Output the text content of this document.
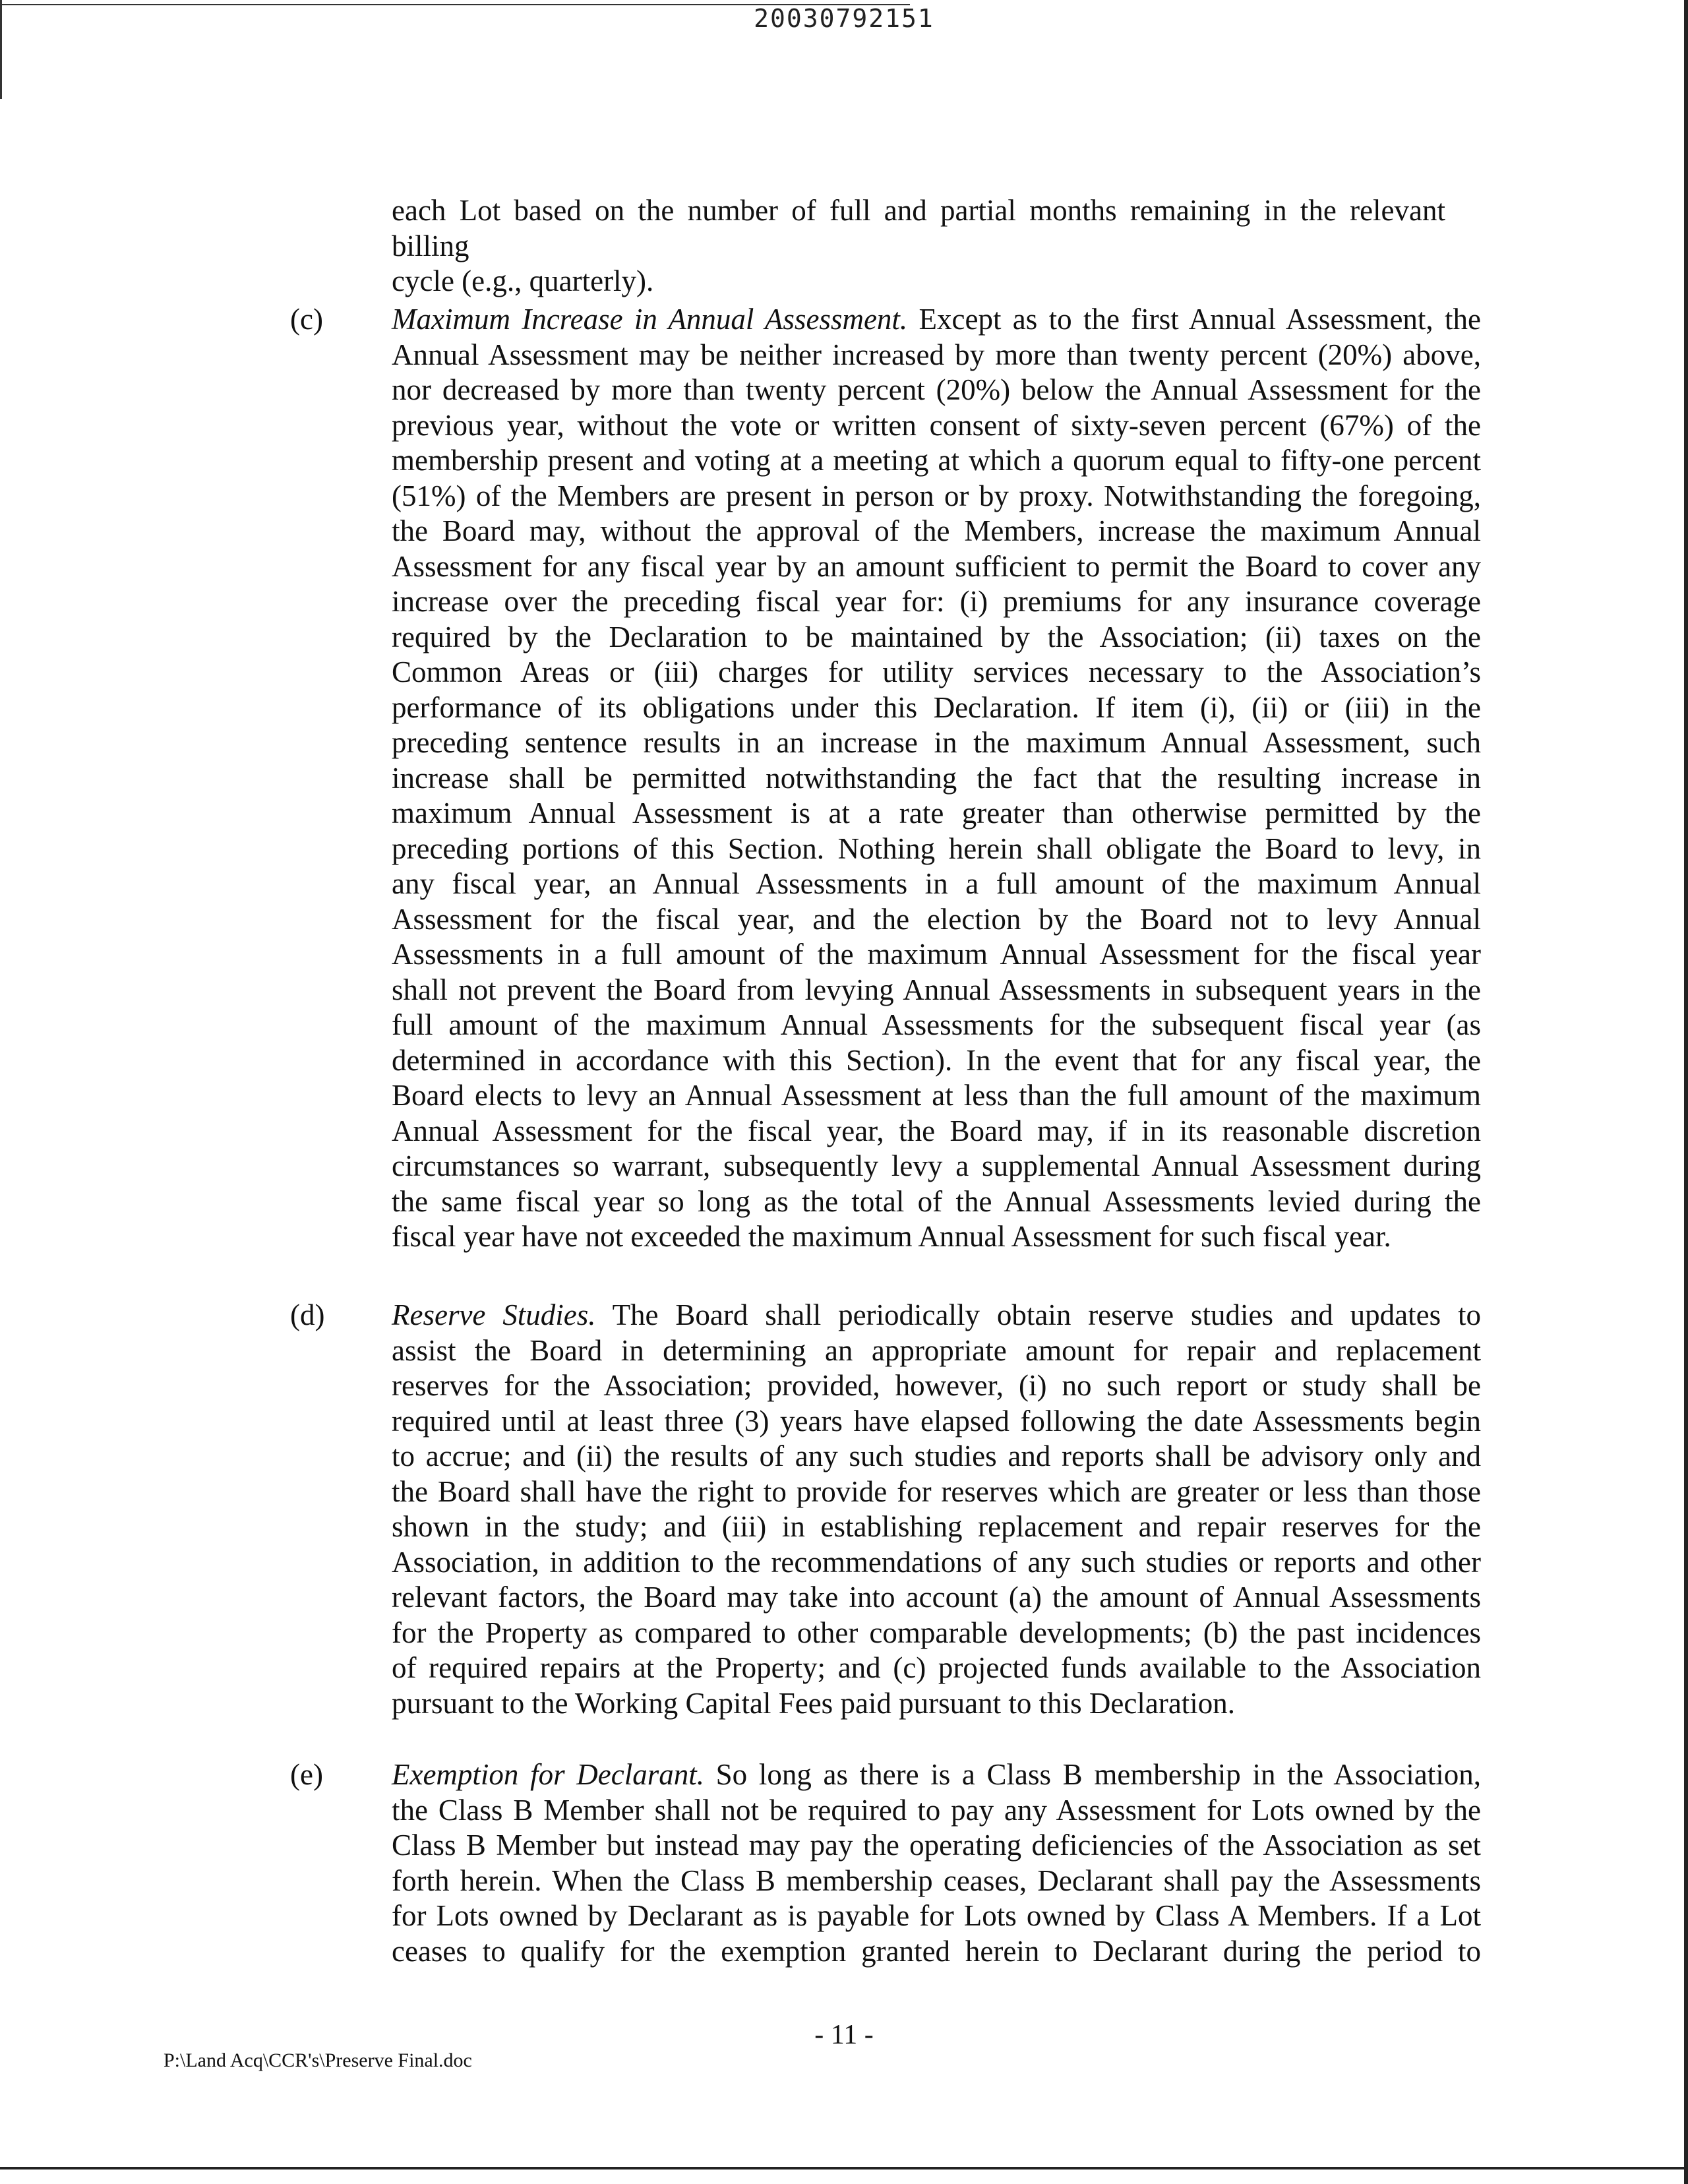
20030792151
each Lot based on the number of full and partial months remaining in the relevant billing
cycle (e.g., quarterly).
(c) Maximum Increase in Annual Assessment. Except as to the first Annual Assessment, the
Annual Assessment may be neither increased by more than twenty percent (20%) above,
nor decreased by more than twenty percent (20%) below the Annual Assessment for the
previous year, without the vote or written consent of sixty-seven percent (67%) of the
membership present and voting at a meeting at which a quorum equal to fifty-one percent
(51%) of the Members are present in person or by proxy. Notwithstanding the foregoing,
the Board may, without the approval of the Members, increase the maximum Annual
Assessment for any fiscal year by an amount sufficient to permit the Board to cover any
increase over the preceding fiscal year for: (i) premiums for any insurance coverage
required by the Declaration to be maintained by the Association; (ii) taxes on the
Common Areas or (iii) charges for utility services necessary to the Association’s
performance of its obligations under this Declaration. If item (i), (ii) or (iii) in the
preceding sentence results in an increase in the maximum Annual Assessment, such
increase shall be permitted notwithstanding the fact that the resulting increase in
maximum Annual Assessment is at a rate greater than otherwise permitted by the
preceding portions of this Section. Nothing herein shall obligate the Board to levy, in
any fiscal year, an Annual Assessments in a full amount of the maximum Annual
Assessment for the fiscal year, and the election by the Board not to levy Annual
Assessments in a full amount of the maximum Annual Assessment for the fiscal year
shall not prevent the Board from levying Annual Assessments in subsequent years in the
full amount of the maximum Annual Assessments for the subsequent fiscal year (as
determined in accordance with this Section). In the event that for any fiscal year, the
Board elects to levy an Annual Assessment at less than the full amount of the maximum
Annual Assessment for the fiscal year, the Board may, if in its reasonable discretion
circumstances so warrant, subsequently levy a supplemental Annual Assessment during
the same fiscal year so long as the total of the Annual Assessments levied during the
fiscal year have not exceeded the maximum Annual Assessment for such fiscal year.
(d) Reserve Studies. The Board shall periodically obtain reserve studies and updates to
assist the Board in determining an appropriate amount for repair and replacement
reserves for the Association; provided, however, (i) no such report or study shall be
required until at least three (3) years have elapsed following the date Assessments begin
to accrue; and (ii) the results of any such studies and reports shall be advisory only and
the Board shall have the right to provide for reserves which are greater or less than those
shown in the study; and (iii) in establishing replacement and repair reserves for the
Association, in addition to the recommendations of any such studies or reports and other
relevant factors, the Board may take into account (a) the amount of Annual Assessments
for the Property as compared to other comparable developments; (b) the past incidences
of required repairs at the Property; and (c) projected funds available to the Association
pursuant to the Working Capital Fees paid pursuant to this Declaration.
(e) Exemption for Declarant. So long as there is a Class B membership in the Association,
the Class B Member shall not be required to pay any Assessment for Lots owned by the
Class B Member but instead may pay the operating deficiencies of the Association as set
forth herein. When the Class B membership ceases, Declarant shall pay the Assessments
for Lots owned by Declarant as is payable for Lots owned by Class A Members. If a Lot
ceases to qualify for the exemption granted herein to Declarant during the period to
- 11 -
P:\Land Acq\CCR's\Preserve Final.doc
